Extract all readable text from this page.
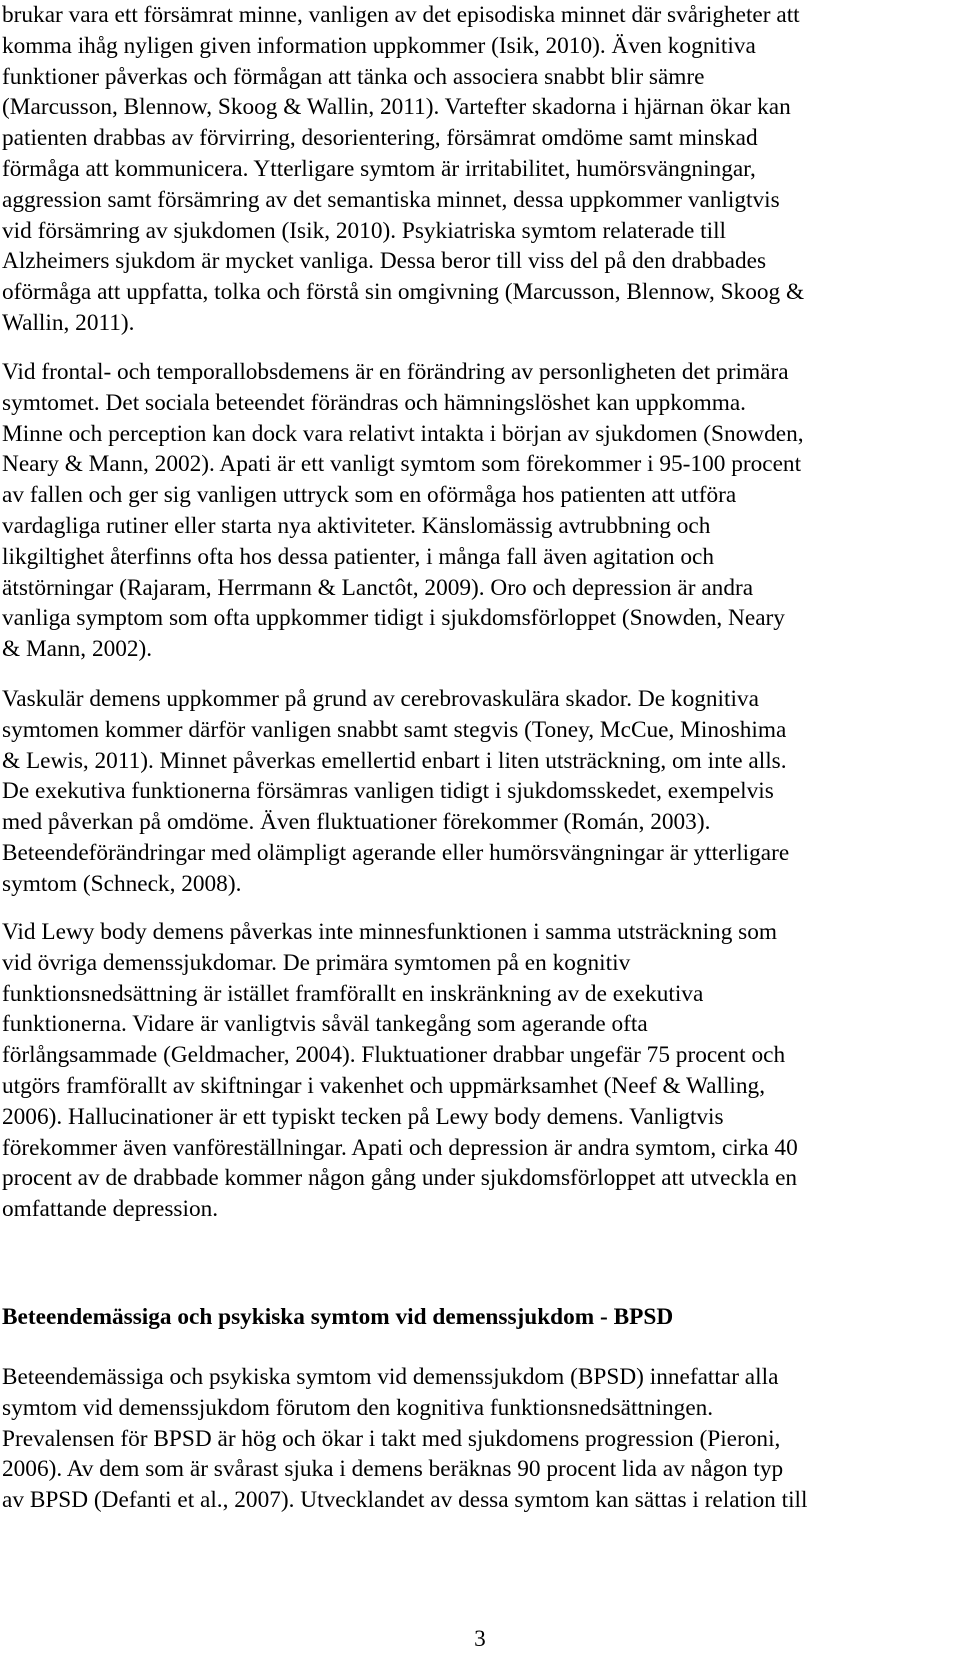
brukar vara ett försämrat minne, vanligen av det episodiska minnet där svårigheter att
komma ihåg nyligen given information uppkommer (Isik, 2010). Även kognitiva
funktioner påverkas och förmågan att tänka och associera snabbt blir sämre
(Marcusson, Blennow, Skoog & Wallin, 2011). Vartefter skadorna i hjärnan ökar kan
patienten drabbas av förvirring, desorientering, försämrat omdöme samt minskad
förmåga att kommunicera. Ytterligare symtom är irritabilitet, humörsvängningar,
aggression samt försämring av det semantiska minnet, dessa uppkommer vanligtvis
vid försämring av sjukdomen (Isik, 2010). Psykiatriska symtom relaterade till
Alzheimers sjukdom är mycket vanliga. Dessa beror till viss del på den drabbades
oförmåga att uppfatta, tolka och förstå sin omgivning (Marcusson, Blennow, Skoog &
Wallin, 2011).

Vid frontal- och temporallobsdemens är en förändring av personligheten det primära
symtomet. Det sociala beteendet förändras och hämningslöshet kan uppkomma.
Minne och perception kan dock vara relativt intakta i början av sjukdomen (Snowden,
Neary & Mann, 2002). Apati är ett vanligt symtom som förekommer i 95-100 procent
av fallen och ger sig vanligen uttryck som en oförmåga hos patienten att utföra
vardagliga rutiner eller starta nya aktiviteter. Känslomässig avtrubbning och
likgiltighet återfinns ofta hos dessa patienter, i många fall även agitation och
ätstörningar (Rajaram, Herrmann & Lanctôt, 2009). Oro och depression är andra
vanliga symptom som ofta uppkommer tidigt i sjukdomsförloppet (Snowden, Neary
& Mann, 2002).

Vaskulär demens uppkommer på grund av cerebrovaskulära skador. De kognitiva
symtomen kommer därför vanligen snabbt samt stegvis (Toney, McCue, Minoshima
& Lewis, 2011). Minnet påverkas emellertid enbart i liten utsträckning, om inte alls.
De exekutiva funktionerna försämras vanligen tidigt i sjukdomsskedet, exempelvis
med påverkan på omdöme. Även fluktuationer förekommer (Román, 2003).
Beteendeförändringar med olämpligt agerande eller humörsvängningar är ytterligare
symtom (Schneck, 2008).

Vid Lewy body demens påverkas inte minnesfunktionen i samma utsträckning som
vid övriga demenssjukdomar. De primära symtomen på en kognitiv
funktionsnedsättning är istället framförallt en inskränkning av de exekutiva
funktionerna. Vidare är vanligtvis såväl tankegång som agerande ofta
förlångsammade (Geldmacher, 2004). Fluktuationer drabbar ungefär 75 procent och
utgörs framförallt av skiftningar i vakenhet och uppmärksamhet (Neef & Walling,
2006). Hallucinationer är ett typiskt tecken på Lewy body demens. Vanligtvis
förekommer även vanföreställningar. Apati och depression är andra symtom, cirka 40
procent av de drabbade kommer någon gång under sjukdomsförloppet att utveckla en
omfattande depression.

Beteendemässiga och psykiska symtom vid demenssjukdom - BPSD

Beteendemässiga och psykiska symtom vid demenssjukdom (BPSD) innefattar alla
symtom vid demenssjukdom förutom den kognitiva funktionsnedsättningen.
Prevalensen för BPSD är hög och ökar i takt med sjukdomens progression (Pieroni,
2006). Av dem som är svårast sjuka i demens beräknas 90 procent lida av någon typ
av BPSD (Defanti et al., 2007). Utvecklandet av dessa symtom kan sättas i relation till

3
